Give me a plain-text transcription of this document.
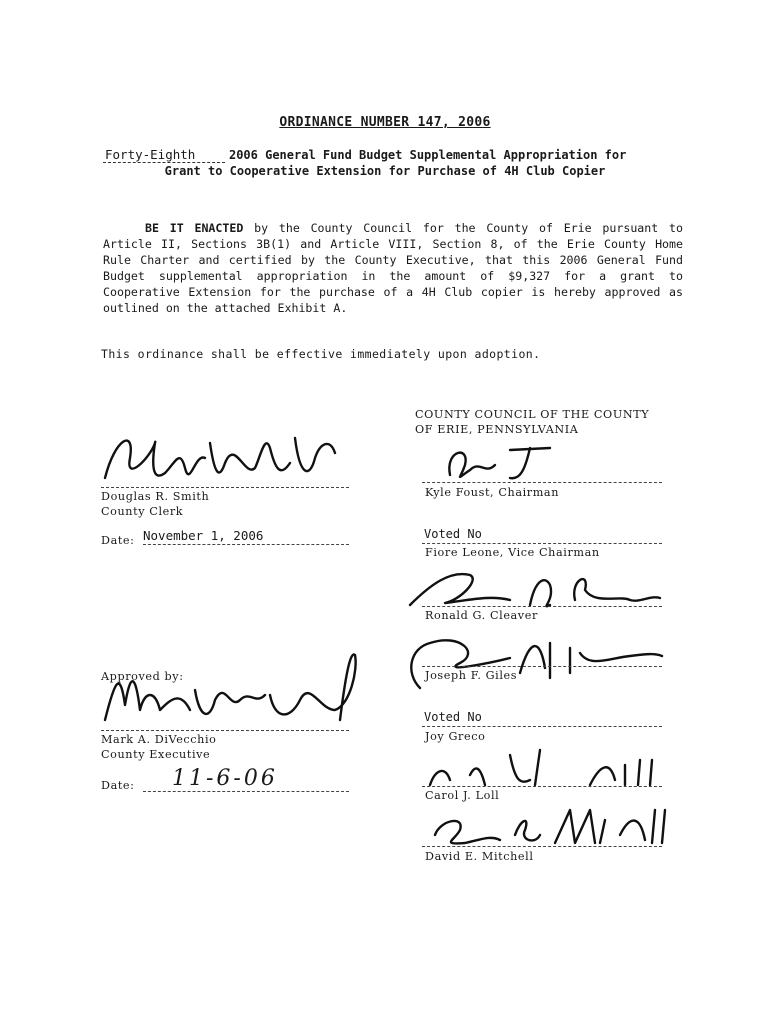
ORDINANCE NUMBER 147, 2006
Forty-Eighth	2006 General Fund Budget Supplemental Appropriation for
Grant to Cooperative Extension for Purchase of 4H Club Copier

BE IT ENACTED by the County Council for the County of Erie pursuant to Article II, Sections 3B(1) and Article VIII, Section 8, of the Erie County Home Rule Charter and certified by the County Executive, that this 2006 General Fund Budget supplemental appropriation in the amount of $9,327 for a grant to Cooperative Extension for the purchase of a 4H Club copier is hereby approved as outlined on the attached Exhibit A.

This ordinance shall be effective immediately upon adoption.
Douglas R. Smith
County Clerk
Date: November 1, 2006
Approved by:
Mark A. DiVecchio
County Executive
Date: 11-6-06
COUNTY COUNCIL OF THE COUNTY
OF ERIE, PENNSYLVANIA
Kyle Foust, Chairman
Voted No
Fiore Leone, Vice Chairman
Ronald G. Cleaver
Joseph F. Giles
Voted No
Joy Greco
Carol J. Loll
David E. Mitchell
